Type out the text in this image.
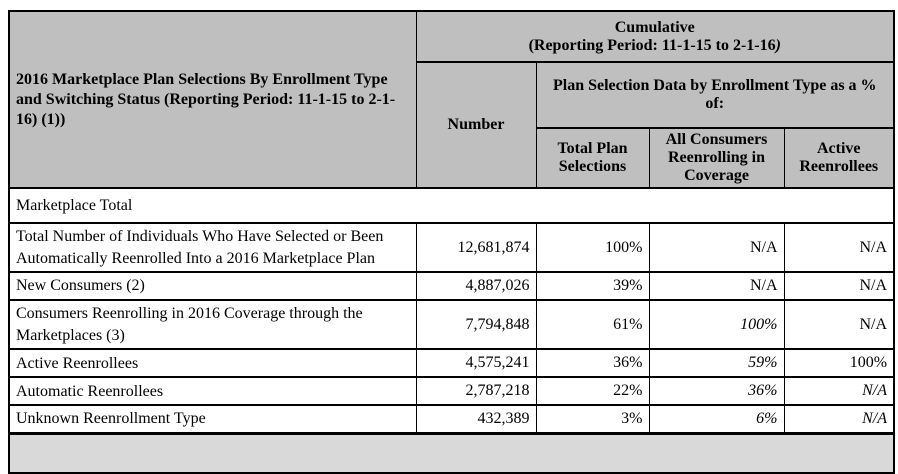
2016 Marketplace Plan Selections By Enrollment Type and Switching Status (Reporting Period: 11-1-15 to 2-1-16) (1))	Cumulative
(Reporting Period: 11-1-15 to 2-1-16)			

	Number	Plan Selection Data by Enrollment Type as a % of:		
		Total Plan Selections	All Consumers Reenrolling in Coverage	Active Reenrollees
Marketplace Total				
Total Number of Individuals Who Have Selected or Been Automatically Reenrolled Into a 2016 Marketplace Plan	12,681,874	100%	N/A	N/A
New Consumers (2)	4,887,026	39%	N/A	N/A
Consumers Reenrolling in 2016 Coverage through the Marketplaces (3)	7,794,848	61%	100%	N/A
Active Reenrollees	4,575,241	36%	59%	100%
Automatic Reenrollees	2,787,218	22%	36%	N/A
Unknown Reenrollment Type	432,389	3%	6%	N/A
